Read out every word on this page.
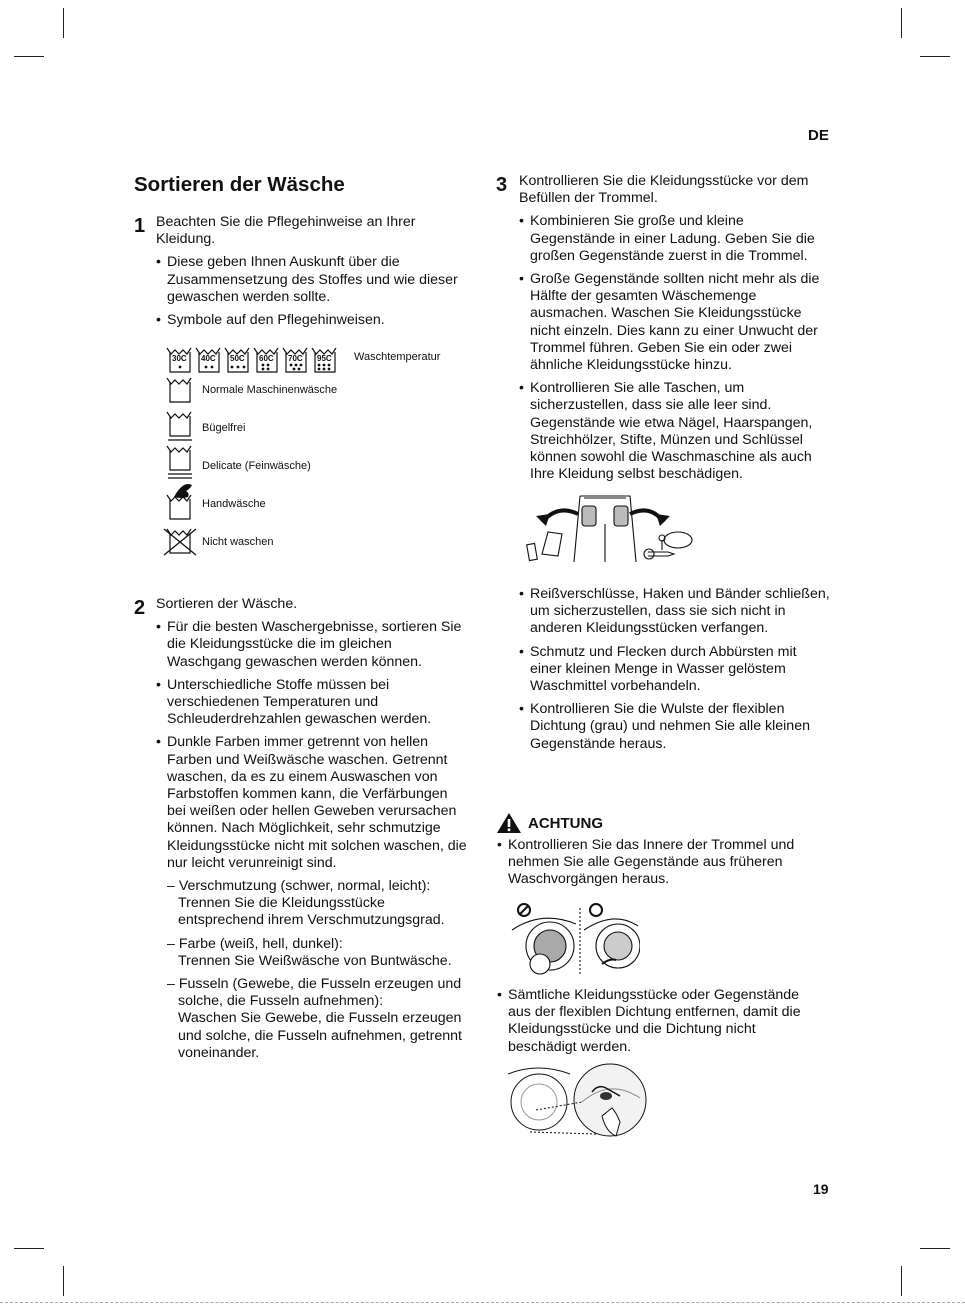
DE
19
Sortieren der Wäsche
1 Beachten Sie die Pflegehinweise an Ihrer Kleidung.
• Diese geben Ihnen Auskunft über die Zusammensetzung des Stoffes und wie dieser gewaschen werden sollte.
• Symbole auf den Pflegehinweisen.
30C 40C 50C 60C 70C 95C Waschtemperatur
Normale Maschinenwäsche
Bügelfrei
Delicate (Feinwäsche)
Handwäsche
Nicht waschen
2 Sortieren der Wäsche.
• Für die besten Waschergebnisse, sortieren Sie die Kleidungsstücke die im gleichen Waschgang gewaschen werden können.
• Unterschiedliche Stoffe müssen bei verschiedenen Temperaturen und Schleuderdrehzahlen gewaschen werden.
• Dunkle Farben immer getrennt von hellen Farben und Weißwäsche waschen. Getrennt waschen, da es zu einem Auswaschen von Farbstoffen kommen kann, die Verfärbungen bei weißen oder hellen Geweben verursachen können. Nach Möglichkeit, sehr schmutzige Kleidungsstücke nicht mit solchen waschen, die nur leicht verunreinigt sind.
– Verschmutzung (schwer, normal, leicht):
Trennen Sie die Kleidungsstücke entsprechend ihrem Verschmutzungsgrad.
– Farbe (weiß, hell, dunkel):
Trennen Sie Weißwäsche von Buntwäsche.
– Fusseln (Gewebe, die Fusseln erzeugen und solche, die Fusseln aufnehmen):
Waschen Sie Gewebe, die Fusseln erzeugen und solche, die Fusseln aufnehmen, getrennt voneinander.
3 Kontrollieren Sie die Kleidungsstücke vor dem Befüllen der Trommel.
• Kombinieren Sie große und kleine Gegenstände in einer Ladung. Geben Sie die großen Gegenstände zuerst in die Trommel.
• Große Gegenstände sollten nicht mehr als die Hälfte der gesamten Wäschemenge ausmachen. Waschen Sie Kleidungsstücke nicht einzeln. Dies kann zu einer Unwucht der Trommel führen. Geben Sie ein oder zwei ähnliche Kleidungsstücke hinzu.
• Kontrollieren Sie alle Taschen, um sicherzustellen, dass sie alle leer sind. Gegenstände wie etwa Nägel, Haarspangen, Streichhölzer, Stifte, Münzen und Schlüssel können sowohl die Waschmaschine als auch Ihre Kleidung selbst beschädigen.
• Reißverschlüsse, Haken und Bänder schließen, um sicherzustellen, dass sie sich nicht in anderen Kleidungsstücken verfangen.
• Schmutz und Flecken durch Abbürsten mit einer kleinen Menge in Wasser gelöstem Waschmittel vorbehandeln.
• Kontrollieren Sie die Wulste der flexiblen Dichtung (grau) und nehmen Sie alle kleinen Gegenstände heraus.
ACHTUNG
• Kontrollieren Sie das Innere der Trommel und nehmen Sie alle Gegenstände aus früheren Waschvorgängen heraus.
• Sämtliche Kleidungsstücke oder Gegenstände aus der flexiblen Dichtung entfernen, damit die Kleidungsstücke und die Dichtung nicht beschädigt werden.
